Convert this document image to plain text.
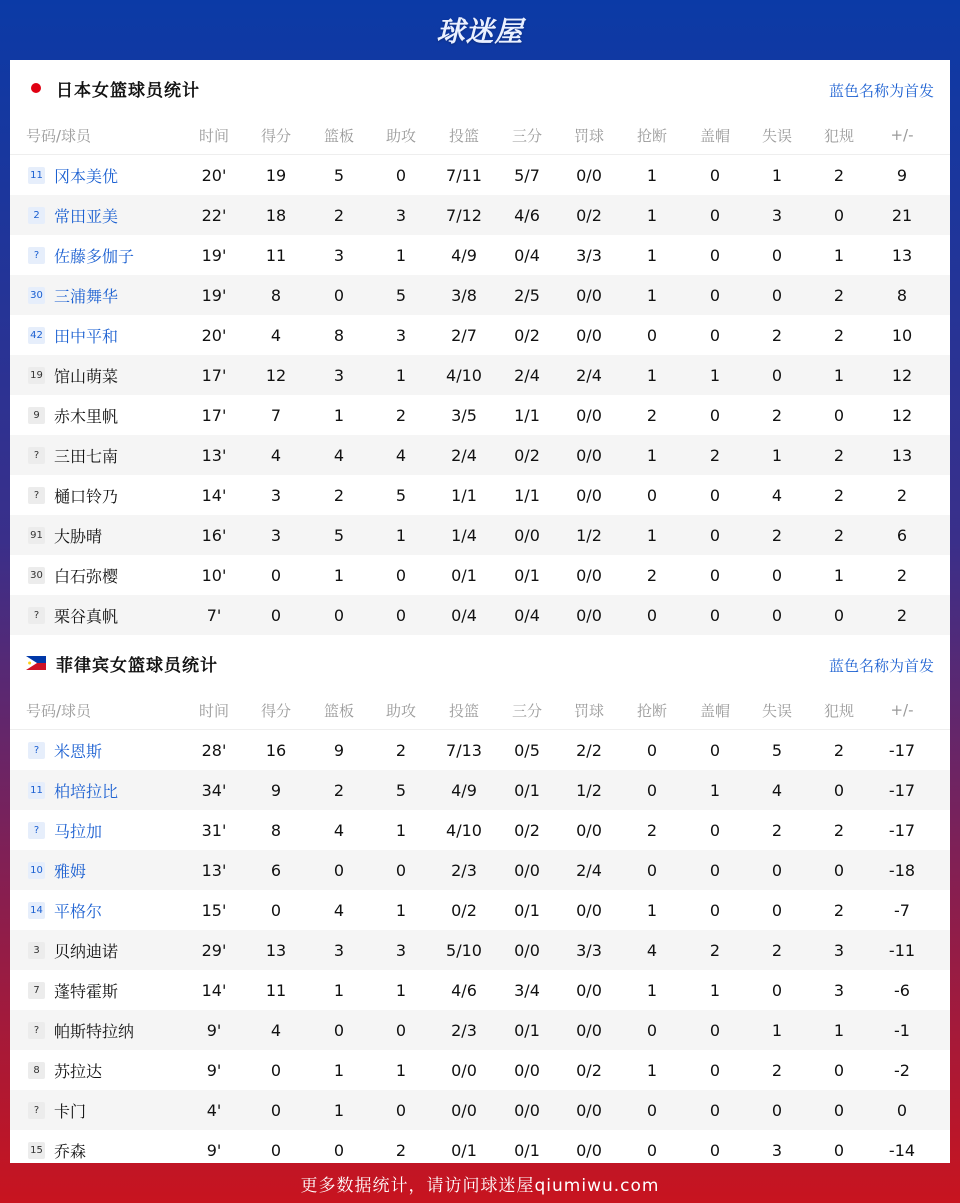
球迷屋
日本女篮球员统计	蓝色名称为首发
号码/球员	时间	得分	篮板	助攻	投篮	三分	罚球	抢断	盖帽	失误	犯规	+/-
11 冈本美优	20'	19	5	0	7/11	5/7	0/0	1	0	1	2	9
2 常田亚美	22'	18	2	3	7/12	4/6	0/2	1	0	3	0	21
? 佐藤多伽子	19'	11	3	1	4/9	0/4	3/3	1	0	0	1	13
30 三浦舞华	19'	8	0	5	3/8	2/5	0/0	1	0	0	2	8
42 田中平和	20'	4	8	3	2/7	0/2	0/0	0	0	2	2	10
19 馆山萌菜	17'	12	3	1	4/10	2/4	2/4	1	1	0	1	12
9 赤木里帆	17'	7	1	2	3/5	1/1	0/0	2	0	2	0	12
? 三田七南	13'	4	4	4	2/4	0/2	0/0	1	2	1	2	13
? 樋口铃乃	14'	3	2	5	1/1	1/1	0/0	0	0	4	2	2
91 大胁晴	16'	3	5	1	1/4	0/0	1/2	1	0	2	2	6
30 白石弥樱	10'	0	1	0	0/1	0/1	0/0	2	0	0	1	2
? 栗谷真帆	7'	0	0	0	0/4	0/4	0/0	0	0	0	0	2
菲律宾女篮球员统计	蓝色名称为首发
号码/球员	时间	得分	篮板	助攻	投篮	三分	罚球	抢断	盖帽	失误	犯规	+/-
? 米恩斯	28'	16	9	2	7/13	0/5	2/2	0	0	5	2	-17
11 柏培拉比	34'	9	2	5	4/9	0/1	1/2	0	1	4	0	-17
? 马拉加	31'	8	4	1	4/10	0/2	0/0	2	0	2	2	-17
10 雅姆	13'	6	0	0	2/3	0/0	2/4	0	0	0	0	-18
14 平格尔	15'	0	4	1	0/2	0/1	0/0	1	0	0	2	-7
3 贝纳迪诺	29'	13	3	3	5/10	0/0	3/3	4	2	2	3	-11
7 蓬特霍斯	14'	11	1	1	4/6	3/4	0/0	1	1	0	3	-6
? 帕斯特拉纳	9'	4	0	0	2/3	0/1	0/0	0	0	1	1	-1
8 苏拉达	9'	0	1	1	0/0	0/0	0/2	1	0	2	0	-2
? 卡门	4'	0	1	0	0/0	0/0	0/0	0	0	0	0	0
15 乔森	9'	0	0	2	0/1	0/1	0/0	0	0	3	0	-14
更多数据统计，请访问球迷屋qiumiwu.com
